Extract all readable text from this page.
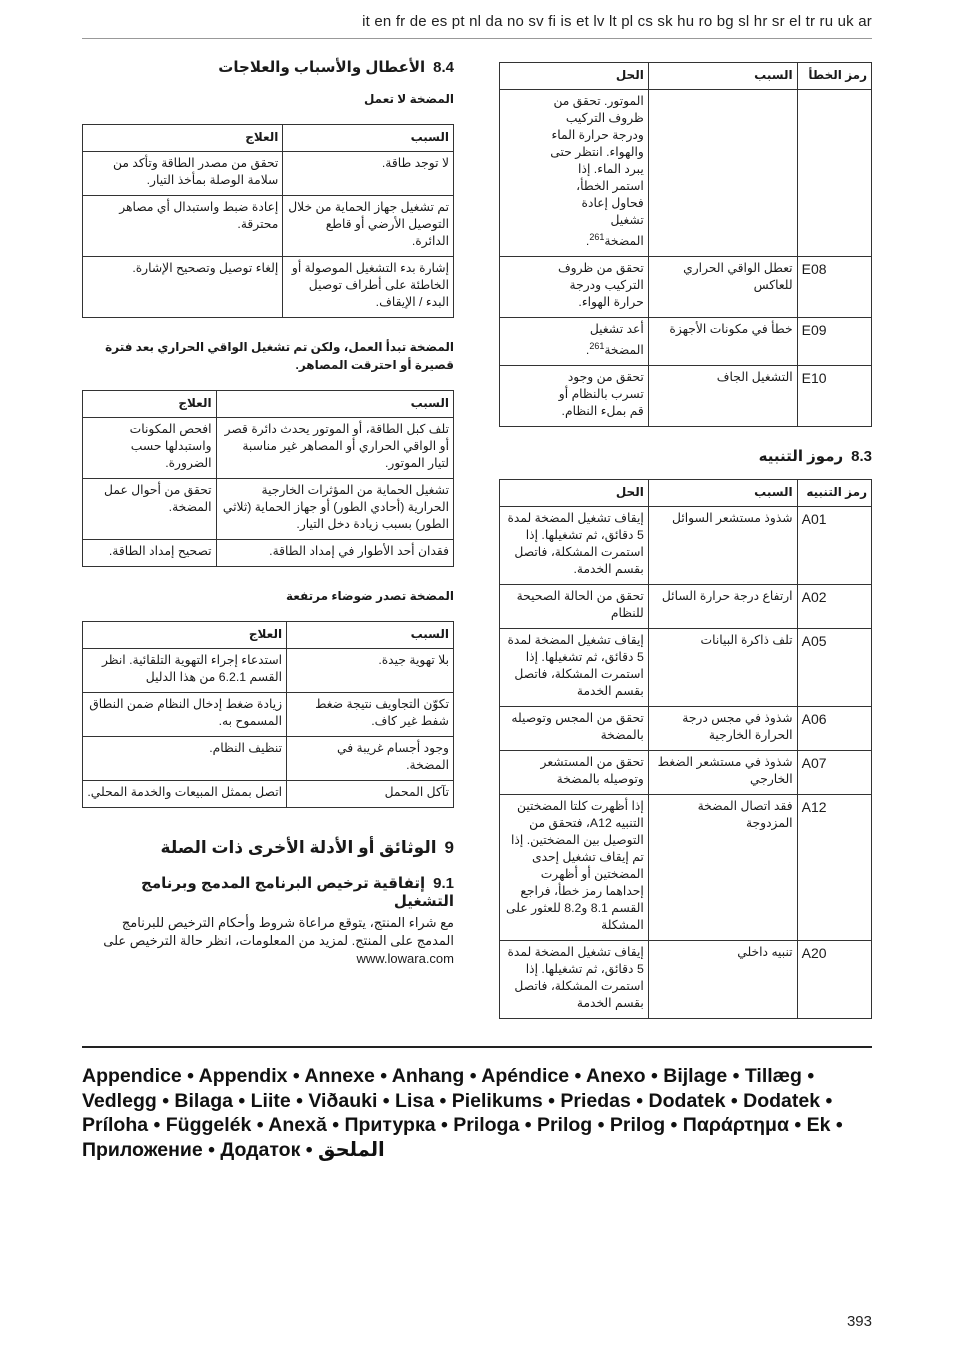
it en fr de es pt nl da no sv fi is et lv lt pl cs sk hu ro bg sl hr sr el tr ru uk ar
8.4الأعطال والأسباب والعلاجات

المضخة لا تعمل

السبب	العلاج
لا توجد طاقة.	تحقق من مصدر الطاقة وتأكد من سلامة الوصلة بمأخذ التيار.
تم تشغيل جهاز الحماية من خلال التوصيل الأرضي أو قاطع الدائرة.	إعادة ضبط واستبدال أي مصاهر محترقة.
إشارة بدء التشغيل الموصولة أو الخاطئة على أطراف توصيل البدء / الإيقاف.	إلغاء توصيل وتصحيح الإشارة.

المضخة تبدأ العمل، ولكن تم تشغيل الواقي الحراري بعد فترة قصيرة أو احترقت المصاهر.

السبب	العلاج
تلف كبل الطاقة، أو الموتور يحدث دائرة قصر أو الواقي الحراري أو المصاهر غير مناسبة لتيار الموتور.	افحص المكونات واستبدلها حسب الضرورة.
تشغيل الحماية من المؤثرات الخارجية الحرارية (أحادي الطور) أو جهاز الحماية (ثلاثي الطور) بسبب زيادة دخل التيار.	تحقق من أحوال عمل المضخة.
فقدان أحد الأطوار في إمداد الطاقة.	تصحيح إمداد الطاقة.

المضخة تصدر ضوضاء مرتفعة

السبب	العلاج
بلا تهوية جيدة.	استدعاء إجراء التهوية التلقائية. انظر القسم 6.2.1 من هذا الدليل
تكوّن التجاويف نتيجة ضغط شفط غير كاف.	زيادة ضغط إدخال النظام ضمن النطاق المسموح به.
وجود أجسام غريبة في المضخة.	تنظيف النظام.
تآكل المحمل	اتصل بممثل المبيعات والخدمة المحلي.
9الوثائق أو الأدلة الأخرى ذات الصلة
9.1إتفاقية ترخيص البرنامج المدمج وبرنامج التشغيل

مع شراء المنتج، يتوقع مراعاة شروط وأحكام الترخيص للبرنامج المدمج على المنتج. لمزيد من المعلومات، انظر حالة الترخيص على

www.lowara.com

رمز الخطأ	السبب	الحل
		الموتور. تحقق من ظروف التركيب ودرجة حرارة الماء والهواء. انتظر حتى يبرد الماء. إذا استمر الخطأ، فحاول إعادة تشغيل المضخة$^{261}$.
E08	تعطل الواقي الحراري للعاكس	تحقق من ظروف التركيب ودرجة حرارة الهواء.
E09	خطأ في مكونات الأجهزة	أعد تشغيل المضخة$^{261}$.
E10	التشغيل الجاف	تحقق من وجود تسرب بالنظام أو قم بملء النظام.
8.3رموز التنبيه
رمز التنبيه	السبب	الحل
A01	شذوذ مستشعر السوائل	إيقاف تشغيل المضخة لمدة 5 دقائق، ثم تشغيلها. إذا استمرت المشكلة، فاتصل بقسم الخدمة.
A02	ارتفاع درجة حرارة السائل	تحقق من الحالة الصحيحة للنظام
A05	تلف ذاكرة البيانات	إيقاف تشغيل المضخة لمدة 5 دقائق، ثم تشغيلها. إذا استمرت المشكلة، فاتصل بقسم الخدمة
A06	شذوذ في مجس درجة الحرارة الخارجية	تحقق من المجس وتوصيله بالمضخة
A07	شذوذ في مستشعر الضغط الخارجي	تحقق من المستشعر وتوصيله بالمضخة
A12	فقد اتصال المضخة المزدوجة	إذا أظهرت كلتا المضختين التنبيه A12، فتحقق من التوصيل بين المضختين. إذا تم إيقاف تشغيل إحدى المضختين أو أظهرت إحداهما رمز خطأ، فراجع القسم 8.1 و8.2 للعثور على المشكلة
A20	تنبيه داخلي	إيقاف تشغيل المضخة لمدة 5 دقائق، ثم تشغيلها. إذا استمرت المشكلة، فاتصل بقسم الخدمة
Appendice • Appendix • Annexe • Anhang • Apéndice • Anexo • Bijlage • Tillæg • Vedlegg • Bilaga • Liite • Viðauki • Lisa • Pielikums • Priedas • Dodatek • Dodatek • Príloha • Függelék • Anexă • Притурка • Priloga • Prilog • Prilog • Παράρτημα • Ek • Приложение • Додаток • الملحق
393
